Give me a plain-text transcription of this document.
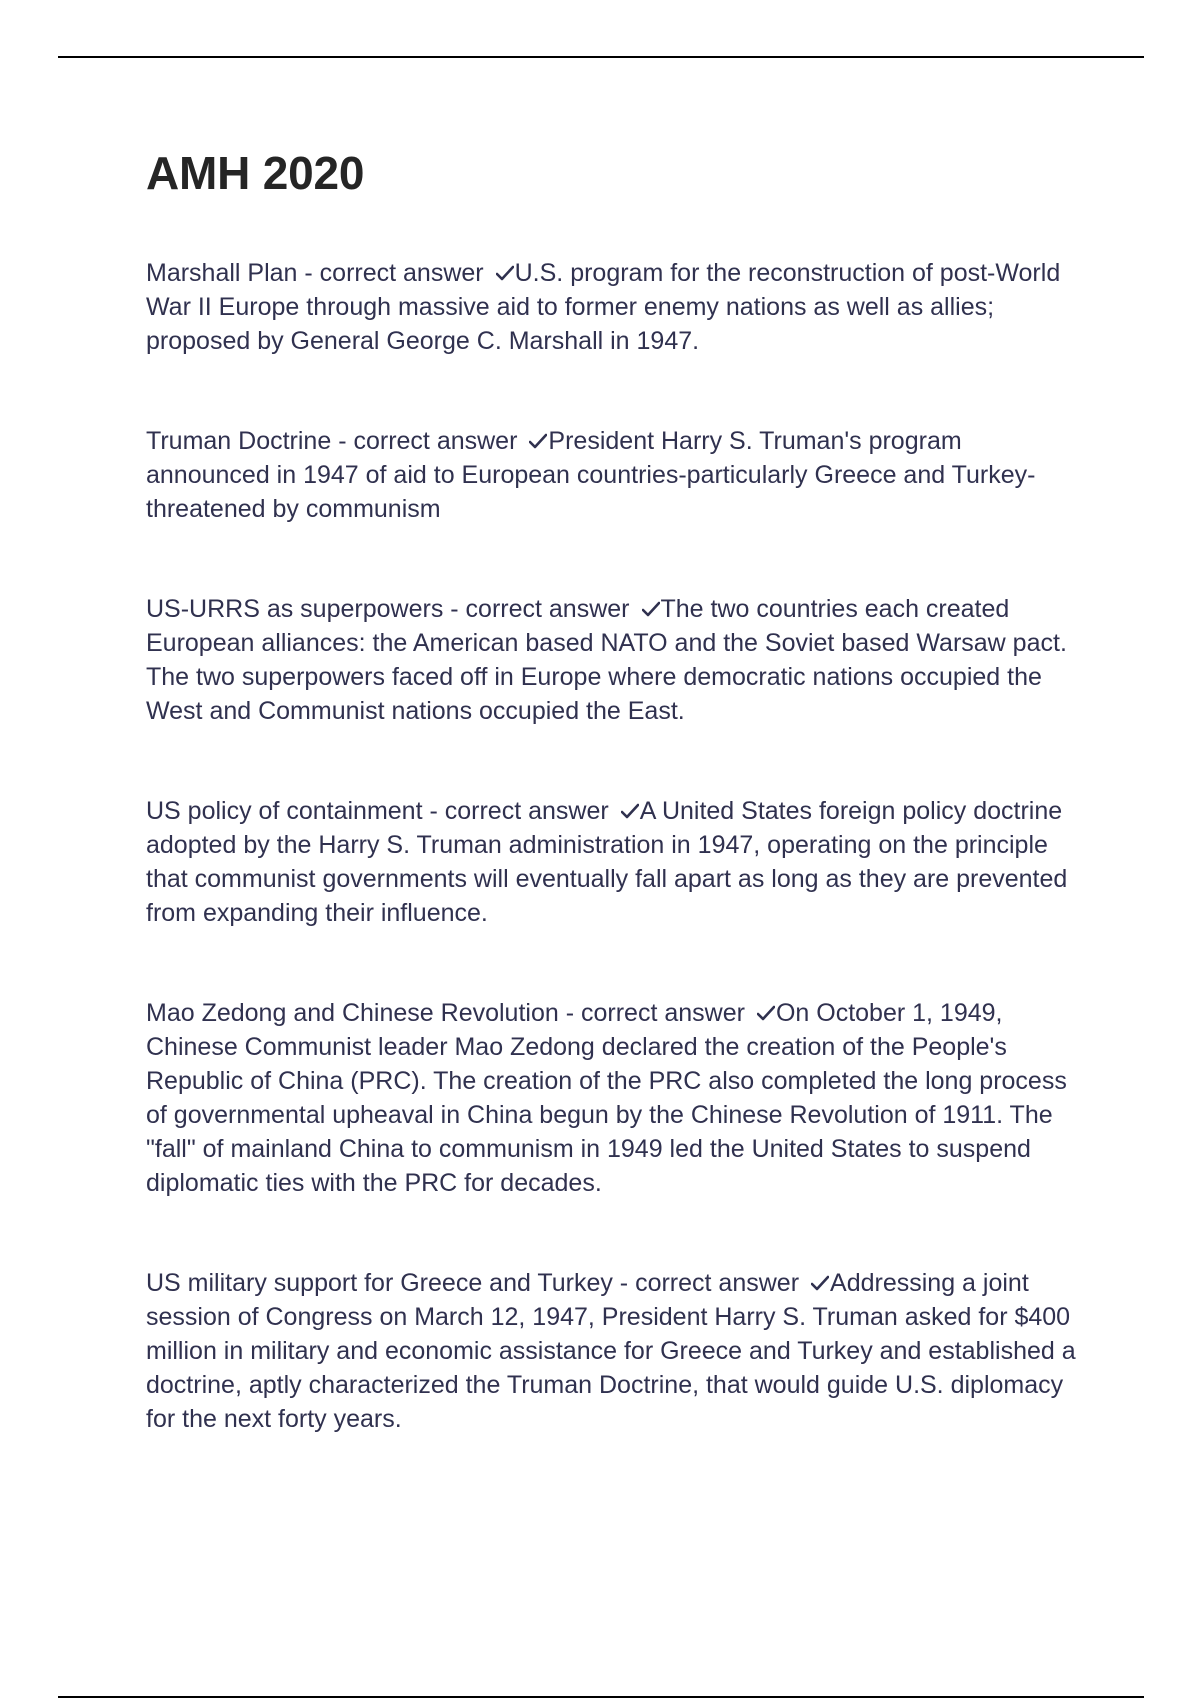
AMH 2020
Marshall Plan - correct answer U.S. program for the reconstruction of post-World War II Europe through massive aid to former enemy nations as well as allies; proposed by General George C. Marshall in 1947.
Truman Doctrine - correct answer President Harry S. Truman's program announced in 1947 of aid to European countries-particularly Greece and Turkey- threatened by communism
US-URRS as superpowers - correct answer The two countries each created European alliances: the American based NATO and the Soviet based Warsaw pact. The two superpowers faced off in Europe where democratic nations occupied the West and Communist nations occupied the East.
US policy of containment - correct answer A United States foreign policy doctrine adopted by the Harry S. Truman administration in 1947, operating on the principle that communist governments will eventually fall apart as long as they are prevented from expanding their influence.
Mao Zedong and Chinese Revolution - correct answer On October 1, 1949, Chinese Communist leader Mao Zedong declared the creation of the People's Republic of China (PRC). The creation of the PRC also completed the long process of governmental upheaval in China begun by the Chinese Revolution of 1911. The "fall" of mainland China to communism in 1949 led the United States to suspend diplomatic ties with the PRC for decades.
US military support for Greece and Turkey - correct answer Addressing a joint session of Congress on March 12, 1947, President Harry S. Truman asked for $400 million in military and economic assistance for Greece and Turkey and established a doctrine, aptly characterized the Truman Doctrine, that would guide U.S. diplomacy for the next forty years.
